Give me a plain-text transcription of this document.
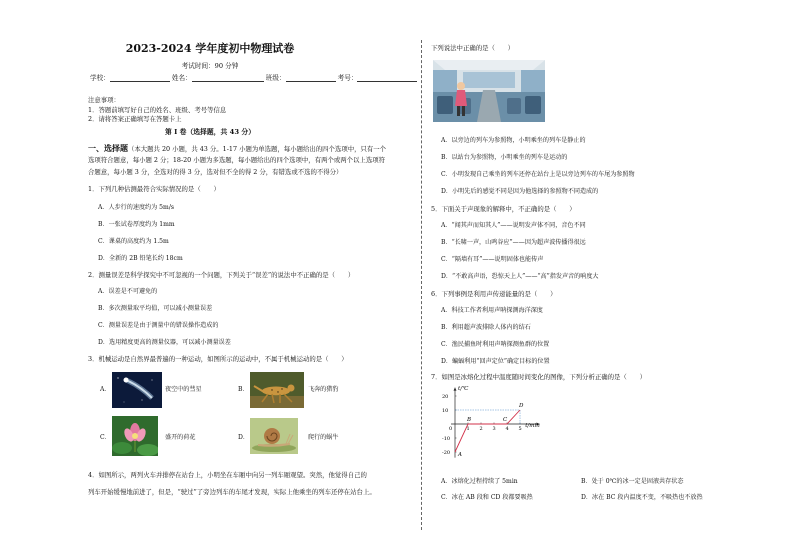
2023-2024 学年度初中物理试卷
考试时间：90 分钟
学校：	姓名：	班级：	考号：
注意事项：
1．答题前填写好自己的姓名、班级、考号等信息
2．请将答案正确填写在答题卡上
第 I 卷（选择题，共 43 分）
一、选择题（本大题共 20 小题，共 43 分。1-17 小题为单选题，每小题给出的四个选项中，只有一个
选项符合题意，每小题 2 分；18-20 小题为多选题，每小题给出的四个选项中，有两个或两个以上选项符
合题意，每小题 3 分，全选对的得 3 分，选对但不全的得 2 分，有错选或不选的不得分）
1．下列几种估测最符合实际情况的是（　　）
A．人步行的速度约为 5m/s
B．一张试卷厚度约为 1mm
C．课桌的高度约为 1.5m
D．全新的 2B 铅笔长约 18cm
2．测量误差是科学探究中不可忽视的一个问题，下列关于“误差”的说法中不正确的是（　　）
A．误差是不可避免的
B．多次测量取平均值，可以减小测量误差
C．测量误差是由于测量中的错误操作造成的
D．选用精度更高的测量仪器，可以减小测量误差
3．机械运动是自然界最普遍的一种运动，如图所示的运动中，不属于机械运动的是（　　）
A．	夜空中的彗星	B．	飞奔的猎豹
C．	盛开的荷花	D．	爬行的蜗牛
4．如图所示，两列火车并排停在站台上，小明坐在车厢中向另一列车厢观望。突然，他觉得自己的
列车开始缓慢地前进了，但是，“驶过”了旁边列车的车尾才发现，实际上他乘坐的列车还停在站台上。
下列说法中正确的是（　　）
A．以旁边的列车为参照物，小明乘坐的列车是静止的
B．以站台为参照物，小明乘坐的列车是运动的
C．小明发现自己乘坐的列车还停在站台上是以旁边列车的车尾为参照物
D．小明先后的感觉不同是因为他选择的参照物不同造成的
5．下面关于声现象的解释中，不正确的是（　　）
A．“闻其声而知其人”——说明发声体不同，音色不同
B．“长啸一声，山鸣谷应”——因为超声波传播得很远
C．“隔墙有耳”——说明固体也能传声
D．“不敢高声语，恐惊天上人”——“高”指发声音的响度大
6．下列事例是利用声传递能量的是（　　）
A．科技工作者利用声呐探测海洋深度
B．利用超声波排除人体内的结石
C．渔民捕鱼时利用声呐探测鱼群的位置
D．蝙蝠利用“回声定位”确定目标的位置
7．如图是冰熔化过程中温度随时间变化的图像，下列分析正确的是（　　）
t/℃
t/min
0	1 2 3 4 5
20
10
-10
-20 A
B	C
D
A．冰熔化过程持续了 5min	B．处于 0℃的冰一定是固液共存状态
C．冰在 AB 段和 CD 段都要吸热	D．冰在 BC 段内温度不变，不吸热也不放热
